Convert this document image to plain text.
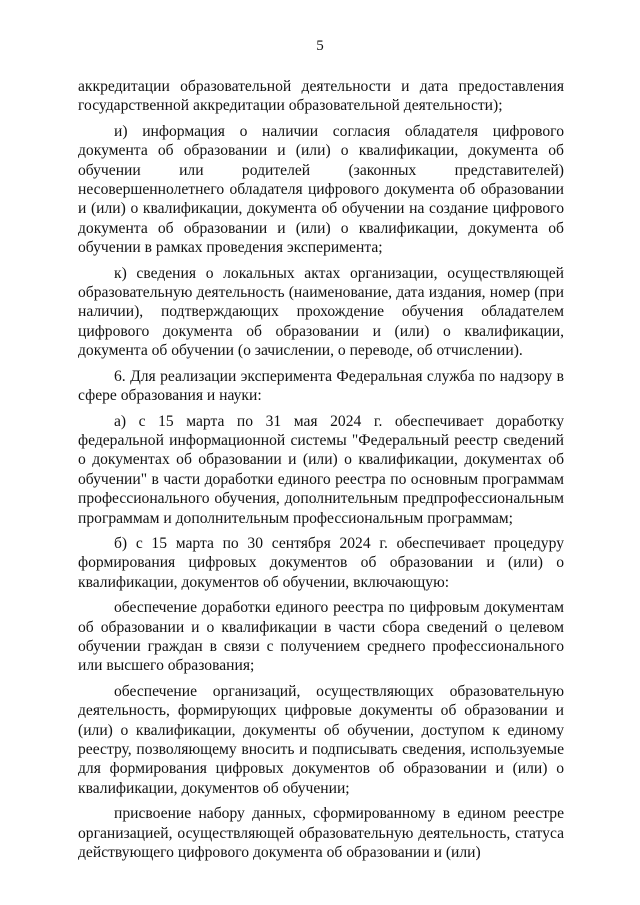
5

аккредитации образовательной деятельности и дата предоставления государственной аккредитации образовательной деятельности);

и) информация о наличии согласия обладателя цифрового документа об образовании и (или) о квалификации, документа об обучении или родителей (законных представителей) несовершеннолетнего обладателя цифрового документа об образовании и (или) о квалификации, документа об обучении на создание цифрового документа об образовании и (или) о квалификации, документа об обучении в рамках проведения эксперимента;

к) сведения о локальных актах организации, осуществляющей образовательную деятельность (наименование, дата издания, номер (при наличии), подтверждающих прохождение обучения обладателем цифрового документа об образовании и (или) о квалификации, документа об обучении (о зачислении, о переводе, об отчислении).

6. Для реализации эксперимента Федеральная служба по надзору в сфере образования и науки:

а) с 15 марта по 31 мая 2024 г. обеспечивает доработку федеральной информационной системы "Федеральный реестр сведений о документах об образовании и (или) о квалификации, документах об обучении" в части доработки единого реестра по основным программам профессионального обучения, дополнительным предпрофессиональным программам и дополнительным профессиональным программам;

б) с 15 марта по 30 сентября 2024 г. обеспечивает процедуру формирования цифровых документов об образовании и (или) о квалификации, документов об обучении, включающую:

обеспечение доработки единого реестра по цифровым документам об образовании и о квалификации в части сбора сведений о целевом обучении граждан в связи с получением среднего профессионального или высшего образования;

обеспечение организаций, осуществляющих образовательную деятельность, формирующих цифровые документы об образовании и (или) о квалификации, документы об обучении, доступом к единому реестру, позволяющему вносить и подписывать сведения, используемые для формирования цифровых документов об образовании и (или) о квалификации, документов об обучении;

присвоение набору данных, сформированному в едином реестре организацией, осуществляющей образовательную деятельность, статуса действующего цифрового документа об образовании и (или)
